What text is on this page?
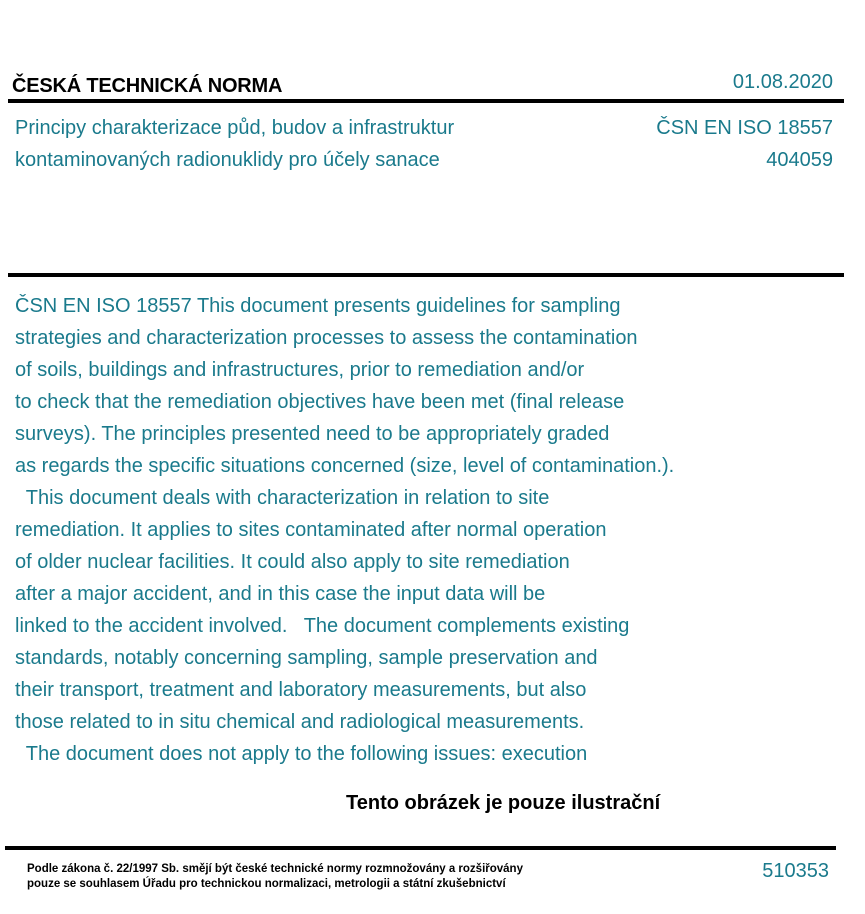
ČESKÁ TECHNICKÁ NORMA	01.08.2020
Principy charakterizace půd, budov a infrastruktur
kontaminovaných radionuklidy pro účely sanace
ČSN EN ISO 18557
404059
ČSN EN ISO 18557 This document presents guidelines for sampling
strategies and characterization processes to assess the contamination
of soils, buildings and infrastructures, prior to remediation and/or
to check that the remediation objectives have been met (final release
surveys). The principles presented need to be appropriately graded
as regards the specific situations concerned (size, level of contamination.).
This document deals with characterization in relation to site
remediation. It applies to sites contaminated after normal operation
of older nuclear facilities. It could also apply to site remediation
after a major accident, and in this case the input data will be
linked to the accident involved.   The document complements existing
standards, notably concerning sampling, sample preservation and
their transport, treatment and laboratory measurements, but also
those related to in situ chemical and radiological measurements.
The document does not apply to the following issues: execution
Tento obrázek je pouze ilustrační
Podle zákona č. 22/1997 Sb. smějí být české technické normy rozmnožovány a rozšiřovány
pouze se souhlasem Úřadu pro technickou normalizaci, metrologii a státní zkušebnictví
510353
